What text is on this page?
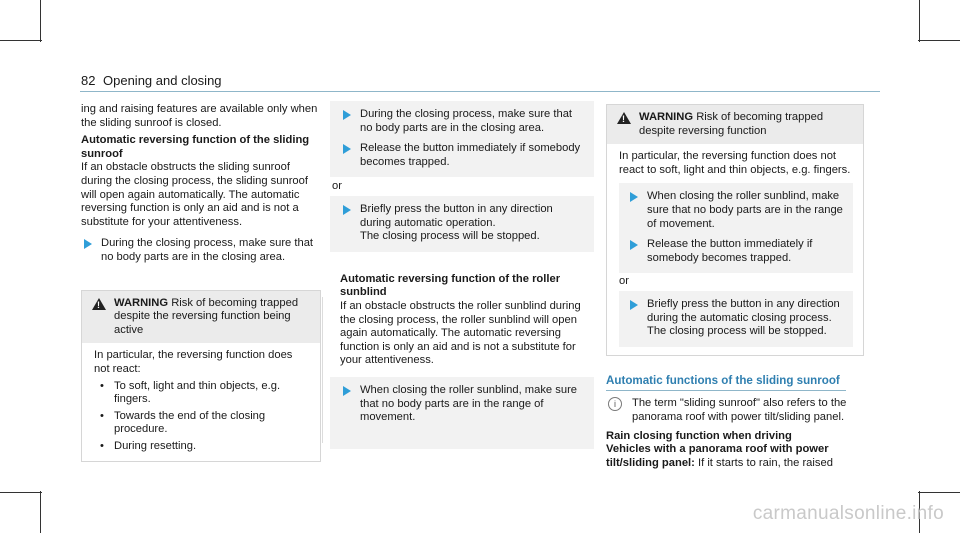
82 Opening and closing

ing and raising features are available only when the sliding sunroof is closed.

Automatic reversing function of the sliding sunroof

If an obstacle obstructs the sliding sunroof during the closing process, the sliding sunroof will open again automatically. The automatic reversing function is only an aid and is not a substitute for your attentiveness.

During the closing process, make sure that no body parts are in the closing area.
! WARNING Risk of becoming trapped despite the reversing function being active
In particular, the reversing function does not react:
• To soft, light and thin objects, e.g. fingers.
• Towards the end of the closing procedure.
• During resetting.
During the closing process, make sure that no body parts are in the closing area.
Release the button immediately if somebody becomes trapped.
or
Briefly press the button in any direction during automatic operation.
The closing process will be stopped.

Automatic reversing function of the roller sunblind

If an obstacle obstructs the roller sunblind during the closing process, the roller sunblind will open again automatically. The automatic reversing function is only an aid and is not a substitute for your attentiveness.

When closing the roller sunblind, make sure that no body parts are in the range of movement.
! WARNING Risk of becoming trapped despite reversing function
In particular, the reversing function does not react to soft, light and thin objects, e.g. fingers.
When closing the roller sunblind, make sure that no body parts are in the range of movement.
Release the button immediately if somebody becomes trapped.
or
Briefly press the button in any direction during the automatic closing process.
The closing process will be stopped.
Automatic functions of the sliding sunroof
i	The term "sliding sunroof" also refers to the panorama roof with power tilt/sliding panel.

Rain closing function when driving

Vehicles with a panorama roof with power tilt/sliding panel: If it starts to rain, the raised

carmanualsonline.info
